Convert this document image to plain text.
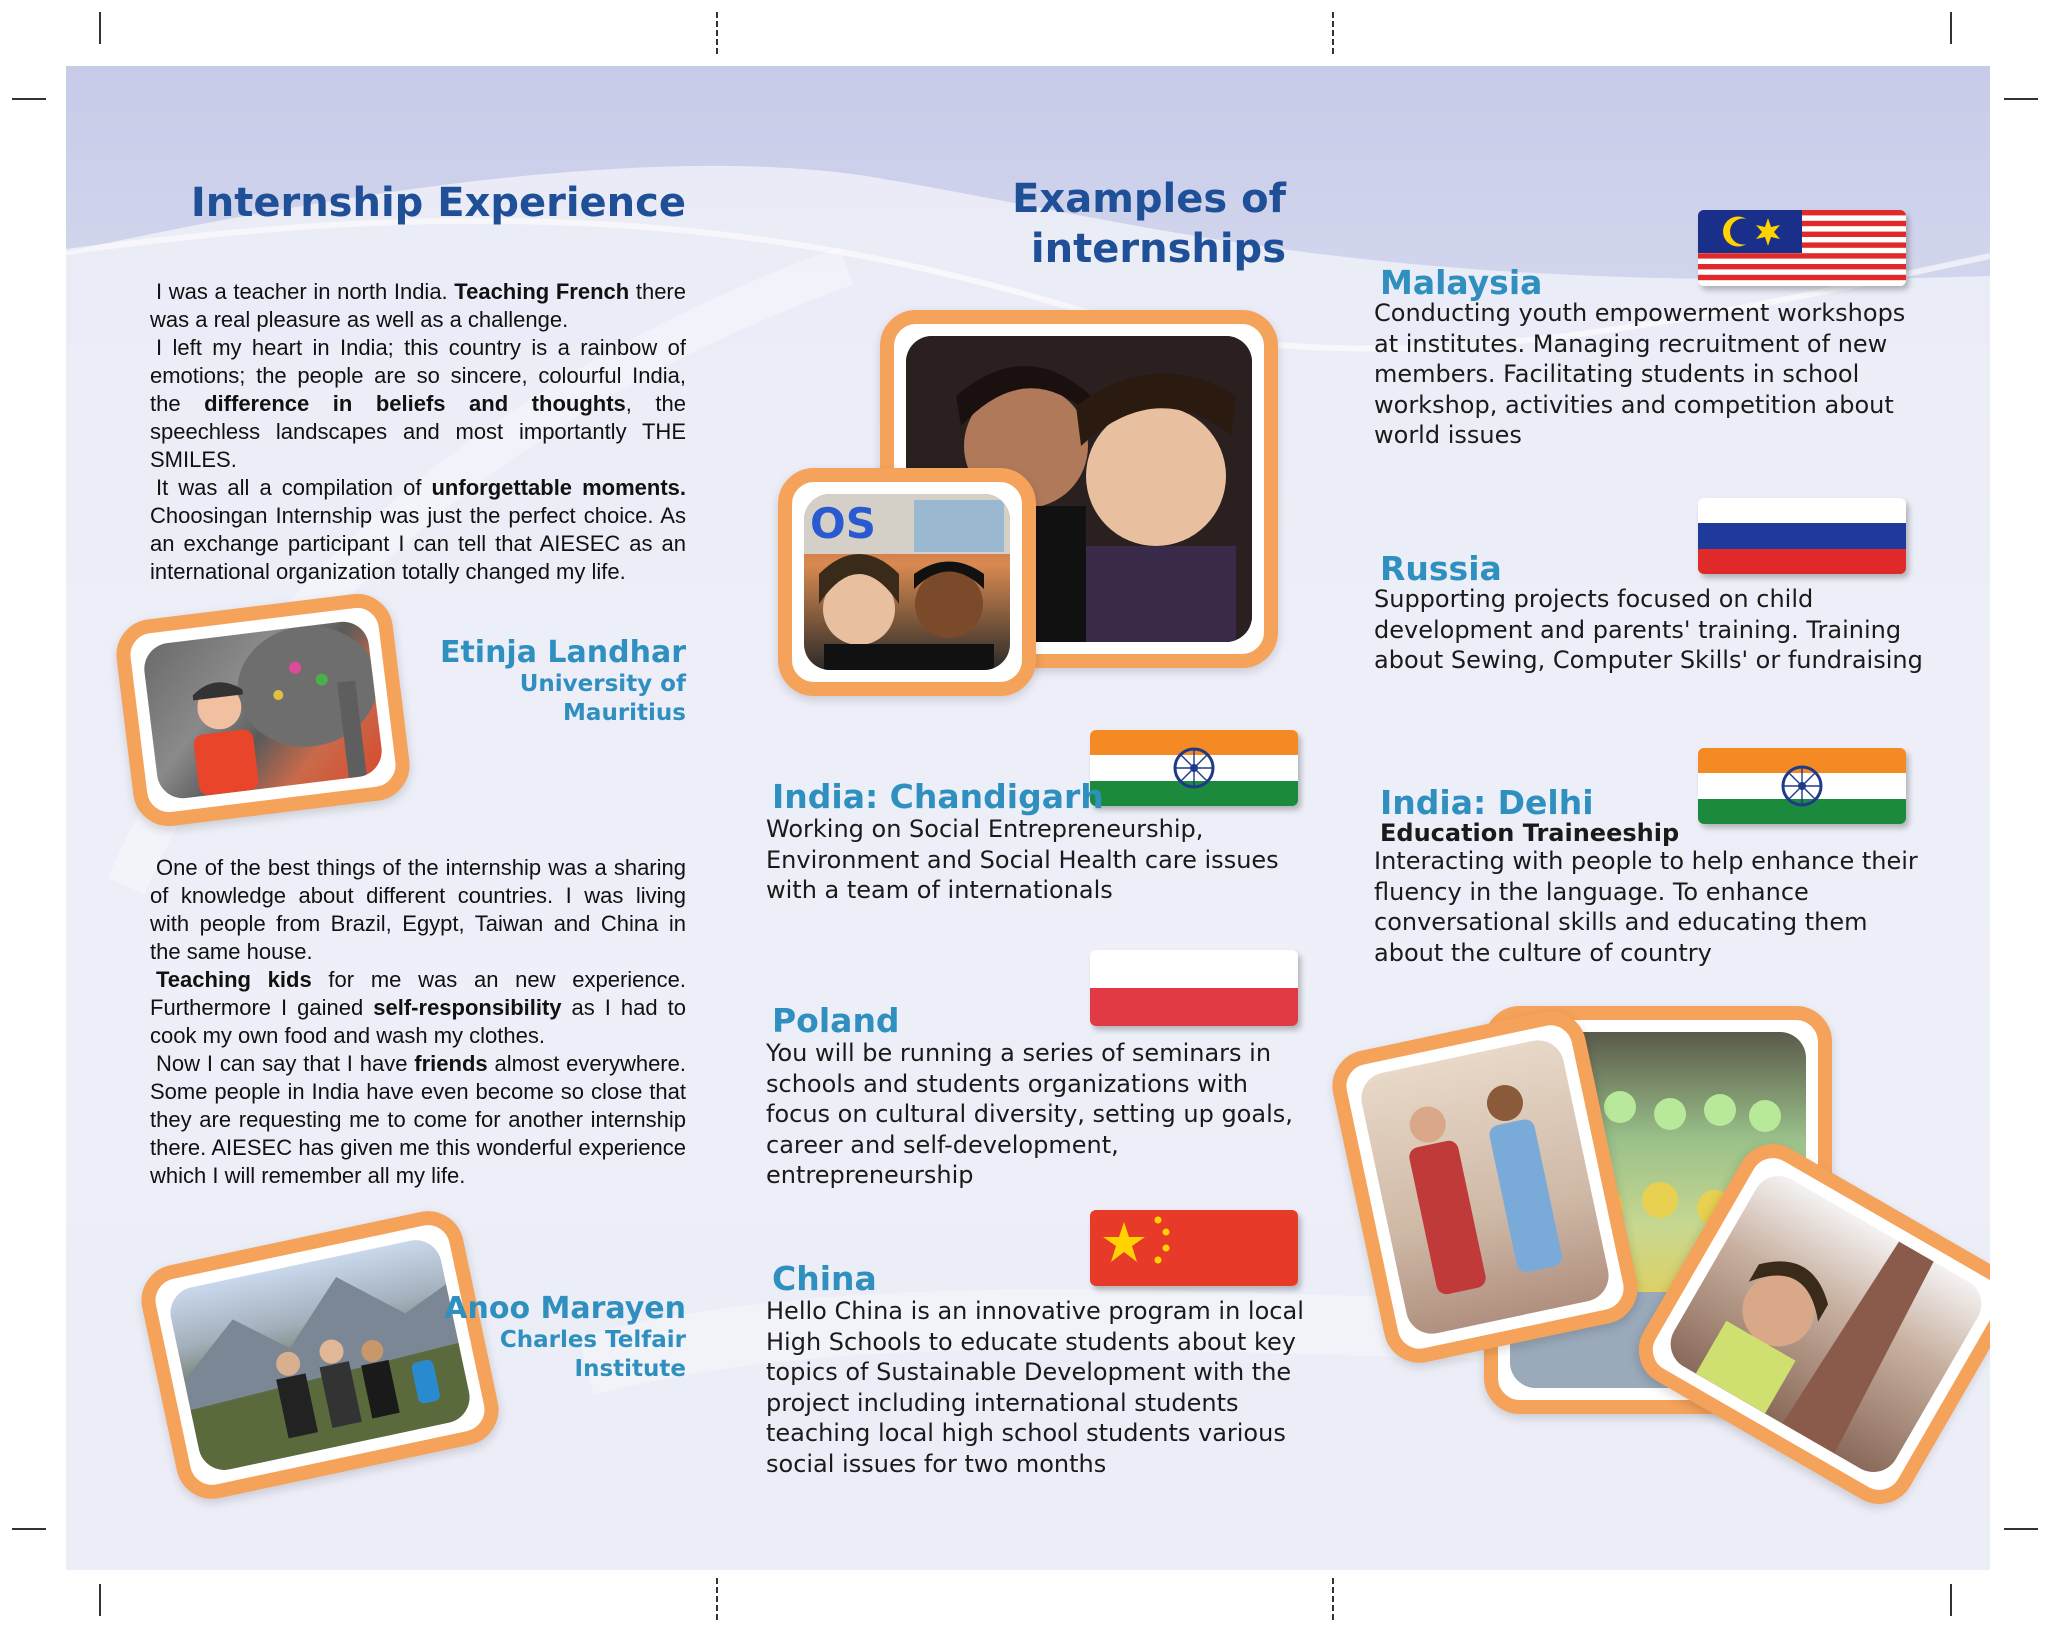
Internship Experience

I was a teacher in north India. Teaching French there was a real pleasure as well as a challenge.

I left my heart in India; this country is a rainbow of emotions; the people are so sincere, colourful India, the difference in beliefs and thoughts, the speechless landscapes and most importantly THE SMILES.

It was all a compilation of unforgettable moments. Choosingan Internship was just the perfect choice. As an exchange participant I can tell that AIESEC as an international organization totally changed my life.

Etinja Landhar
University of
Mauritius

One of the best things of the internship was a sharing of knowledge about different countries. I was living with people from Brazil, Egypt, Taiwan and China in the same house.

Teaching kids for me was an new experience. Furthermore I gained self-responsibility as I had to cook my own food and wash my clothes.

Now I can say that I have friends almost everywhere. Some people in India have even become so close that they are requesting me to come for another internship there. AIESEC has given me this wonderful experience which I will remember all my life.

Anoo Marayen
Charles Telfair
Institute
Examples of
internships
OS
India: Chandigarh
Working on Social Entrepreneurship, Environment and Social Health care issues with a team of internationals
Poland
You will be running a series of seminars in schools and students organizations with focus on cultural diversity, setting up goals, career and self-development, entrepreneurship
China
Hello China is an innovative program in local High Schools to educate students about key topics of Sustainable Development with the project including international students teaching local high school students various social issues for two months
Malaysia
Conducting youth empowerment workshops at institutes. Managing recruitment of new members. Facilitating students in school workshop, activities and competition about world issues
Russia
Supporting projects focused on child development and parents' training. Training about Sewing, Computer Skills' or fundraising
India: Delhi
Education Traineeship
Interacting with people to help enhance their fluency in the language. To enhance conversational skills and educating them about the culture of country
